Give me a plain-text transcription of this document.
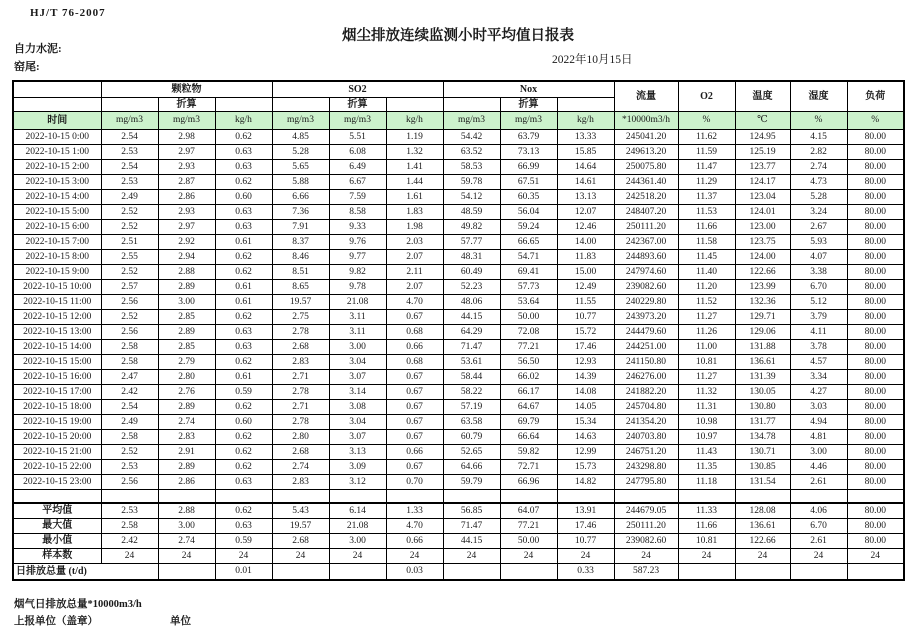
HJ/T 76-2007
烟尘排放连续监测小时平均值日报表
自力水泥:
窑尾:
2022年10月15日
	颗粒物			SO2			Nox			流量	O2	温度	湿度	负荷
		折算			折算			折算						
时间	mg/m3	mg/m3	kg/h	mg/m3	mg/m3	kg/h	mg/m3	mg/m3	kg/h	*10000m3/h	%	℃	%	%
2022-10-15 0:00	2.54	2.98	0.62	4.85	5.51	1.19	54.42	63.79	13.33	245041.20	11.62	124.95	4.15	80.00
2022-10-15 1:00	2.53	2.97	0.63	5.28	6.08	1.32	63.52	73.13	15.85	249613.20	11.59	125.19	2.82	80.00
2022-10-15 2:00	2.54	2.93	0.63	5.65	6.49	1.41	58.53	66.99	14.64	250075.80	11.47	123.77	2.74	80.00
2022-10-15 3:00	2.53	2.87	0.62	5.88	6.67	1.44	59.78	67.51	14.61	244361.40	11.29	124.17	4.73	80.00
2022-10-15 4:00	2.49	2.86	0.60	6.66	7.59	1.61	54.12	60.35	13.13	242518.20	11.37	123.04	5.28	80.00
2022-10-15 5:00	2.52	2.93	0.63	7.36	8.58	1.83	48.59	56.04	12.07	248407.20	11.53	124.01	3.24	80.00
2022-10-15 6:00	2.52	2.97	0.63	7.91	9.33	1.98	49.82	59.24	12.46	250111.20	11.66	123.00	2.67	80.00
2022-10-15 7:00	2.51	2.92	0.61	8.37	9.76	2.03	57.77	66.65	14.00	242367.00	11.58	123.75	5.93	80.00
2022-10-15 8:00	2.55	2.94	0.62	8.46	9.77	2.07	48.31	54.71	11.83	244893.60	11.45	124.00	4.07	80.00
2022-10-15 9:00	2.52	2.88	0.62	8.51	9.82	2.11	60.49	69.41	15.00	247974.60	11.40	122.66	3.38	80.00
2022-10-15 10:00	2.57	2.89	0.61	8.65	9.78	2.07	52.23	57.73	12.49	239082.60	11.20	123.99	6.70	80.00
2022-10-15 11:00	2.56	3.00	0.61	19.57	21.08	4.70	48.06	53.64	11.55	240229.80	11.52	132.36	5.12	80.00
2022-10-15 12:00	2.52	2.85	0.62	2.75	3.11	0.67	44.15	50.00	10.77	243973.20	11.27	129.71	3.79	80.00
2022-10-15 13:00	2.56	2.89	0.63	2.78	3.11	0.68	64.29	72.08	15.72	244479.60	11.26	129.06	4.11	80.00
2022-10-15 14:00	2.58	2.85	0.63	2.68	3.00	0.66	71.47	77.21	17.46	244251.00	11.00	131.88	3.78	80.00
2022-10-15 15:00	2.58	2.79	0.62	2.83	3.04	0.68	53.61	56.50	12.93	241150.80	10.81	136.61	4.57	80.00
2022-10-15 16:00	2.47	2.80	0.61	2.71	3.07	0.67	58.44	66.02	14.39	246276.00	11.27	131.39	3.34	80.00
2022-10-15 17:00	2.42	2.76	0.59	2.78	3.14	0.67	58.22	66.17	14.08	241882.20	11.32	130.05	4.27	80.00
2022-10-15 18:00	2.54	2.89	0.62	2.71	3.08	0.67	57.19	64.67	14.05	245704.80	11.31	130.80	3.03	80.00
2022-10-15 19:00	2.49	2.74	0.60	2.78	3.04	0.67	63.58	69.79	15.34	241354.20	10.98	131.77	4.94	80.00
2022-10-15 20:00	2.58	2.83	0.62	2.80	3.07	0.67	60.79	66.64	14.63	240703.80	10.97	134.78	4.81	80.00
2022-10-15 21:00	2.52	2.91	0.62	2.68	3.13	0.66	52.65	59.82	12.99	246751.20	11.43	130.71	3.00	80.00
2022-10-15 22:00	2.53	2.89	0.62	2.74	3.09	0.67	64.66	72.71	15.73	243298.80	11.35	130.85	4.46	80.00
2022-10-15 23:00	2.56	2.86	0.63	2.83	3.12	0.70	59.79	66.96	14.82	247795.80	11.18	131.54	2.61	80.00

平均值	2.53	2.88	0.62	5.43	6.14	1.33	56.85	64.07	13.91	244679.05	11.33	128.08	4.06	80.00
最大值	2.58	3.00	0.63	19.57	21.08	4.70	71.47	77.21	17.46	250111.20	11.66	136.61	6.70	80.00
最小值	2.42	2.74	0.59	2.68	3.00	0.66	44.15	50.00	10.77	239082.60	10.81	122.66	2.61	80.00
样本数	24	24	24	24	24	24	24	24	24	24	24	24	24	24
日排放总量 (t/d)			0.01			0.03			0.33	587.23				
烟气日排放总量*10000m3/h
上报单位（盖章）	单位
